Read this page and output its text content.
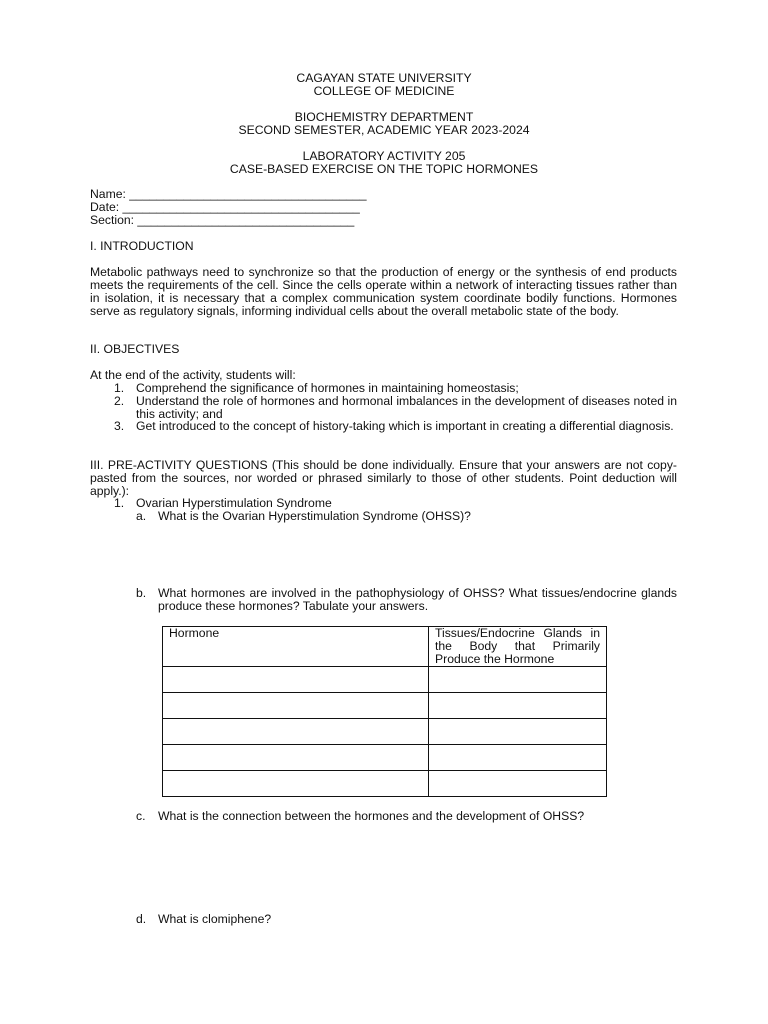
CAGAYAN STATE UNIVERSITY
COLLEGE OF MEDICINE
BIOCHEMISTRY DEPARTMENT
SECOND SEMESTER, ACADEMIC YEAR 2023-2024
LABORATORY ACTIVITY 205
CASE-BASED EXERCISE ON THE TOPIC HORMONES
Name: ___________________________________
Date: ___________________________________
Section: ________________________________
I. INTRODUCTION
Metabolic pathways need to synchronize so that the production of energy or the synthesis of end products meets the requirements of the cell. Since the cells operate within a network of interacting tissues rather than in isolation, it is necessary that a complex communication system coordinate bodily functions. Hormones serve as regulatory signals, informing individual cells about the overall metabolic state of the body.
II. OBJECTIVES
At the end of the activity, students will:
1. Comprehend the significance of hormones in maintaining homeostasis;
2. Understand the role of hormones and hormonal imbalances in the development of diseases noted in this activity; and
3. Get introduced to the concept of history-taking which is important in creating a differential diagnosis.
III. PRE-ACTIVITY QUESTIONS (This should be done individually. Ensure that your answers are not copy-pasted from the sources, nor worded or phrased similarly to those of other students. Point deduction will apply.):
1. Ovarian Hyperstimulation Syndrome
a. What is the Ovarian Hyperstimulation Syndrome (OHSS)?
b. What hormones are involved in the pathophysiology of OHSS? What tissues/endocrine glands produce these hormones? Tabulate your answers.
Hormone	Tissues/Endocrine Glands in the Body that Primarily Produce the Hormone

c. What is the connection between the hormones and the development of OHSS?
d. What is clomiphene?
